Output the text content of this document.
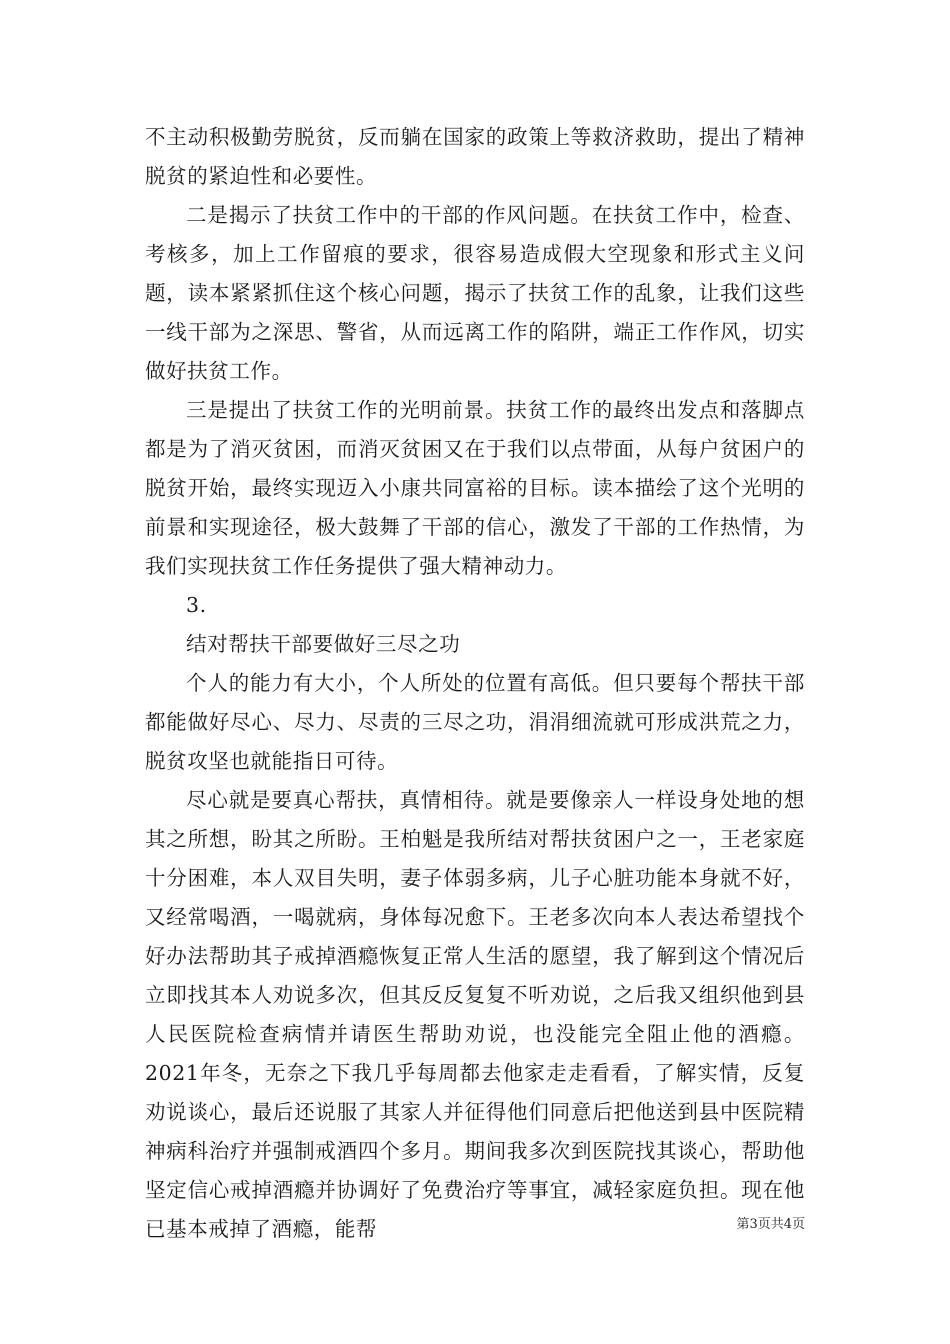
不主动积极勤劳脱贫，反而躺在国家的政策上等救济救助，提出了精神脱贫的紧迫性和必要性。

二是揭示了扶贫工作中的干部的作风问题。在扶贫工作中，检查、考核多，加上工作留痕的要求，很容易造成假大空现象和形式主义问题，读本紧紧抓住这个核心问题，揭示了扶贫工作的乱象，让我们这些一线干部为之深思、警省，从而远离工作的陷阱，端正工作作风，切实做好扶贫工作。

三是提出了扶贫工作的光明前景。扶贫工作的最终出发点和落脚点都是为了消灭贫困，而消灭贫困又在于我们以点带面，从每户贫困户的脱贫开始，最终实现迈入小康共同富裕的目标。读本描绘了这个光明的前景和实现途径，极大鼓舞了干部的信心，激发了干部的工作热情，为我们实现扶贫工作任务提供了强大精神动力。

3.

结对帮扶干部要做好三尽之功

个人的能力有大小，个人所处的位置有高低。但只要每个帮扶干部都能做好尽心、尽力、尽责的三尽之功，涓涓细流就可形成洪荒之力，脱贫攻坚也就能指日可待。

尽心就是要真心帮扶，真情相待。就是要像亲人一样设身处地的想其之所想，盼其之所盼。王柏魁是我所结对帮扶贫困户之一，王老家庭十分困难，本人双目失明，妻子体弱多病，儿子心脏功能本身就不好，又经常喝酒，一喝就病，身体每况愈下。王老多次向本人表达希望找个好办法帮助其子戒掉酒瘾恢复正常人生活的愿望，我了解到这个情况后立即找其本人劝说多次，但其反反复复不听劝说，之后我又组织他到县人民医院检查病情并请医生帮助劝说，也没能完全阻止他的酒瘾。2021年冬，无奈之下我几乎每周都去他家走走看看，了解实情，反复劝说谈心，最后还说服了其家人并征得他们同意后把他送到县中医院精神病科治疗并强制戒酒四个多月。期间我多次到医院找其谈心，帮助他坚定信心戒掉酒瘾并协调好了免费治疗等事宜，减轻家庭负担。现在他已基本戒掉了酒瘾，能帮	第3页共4页
